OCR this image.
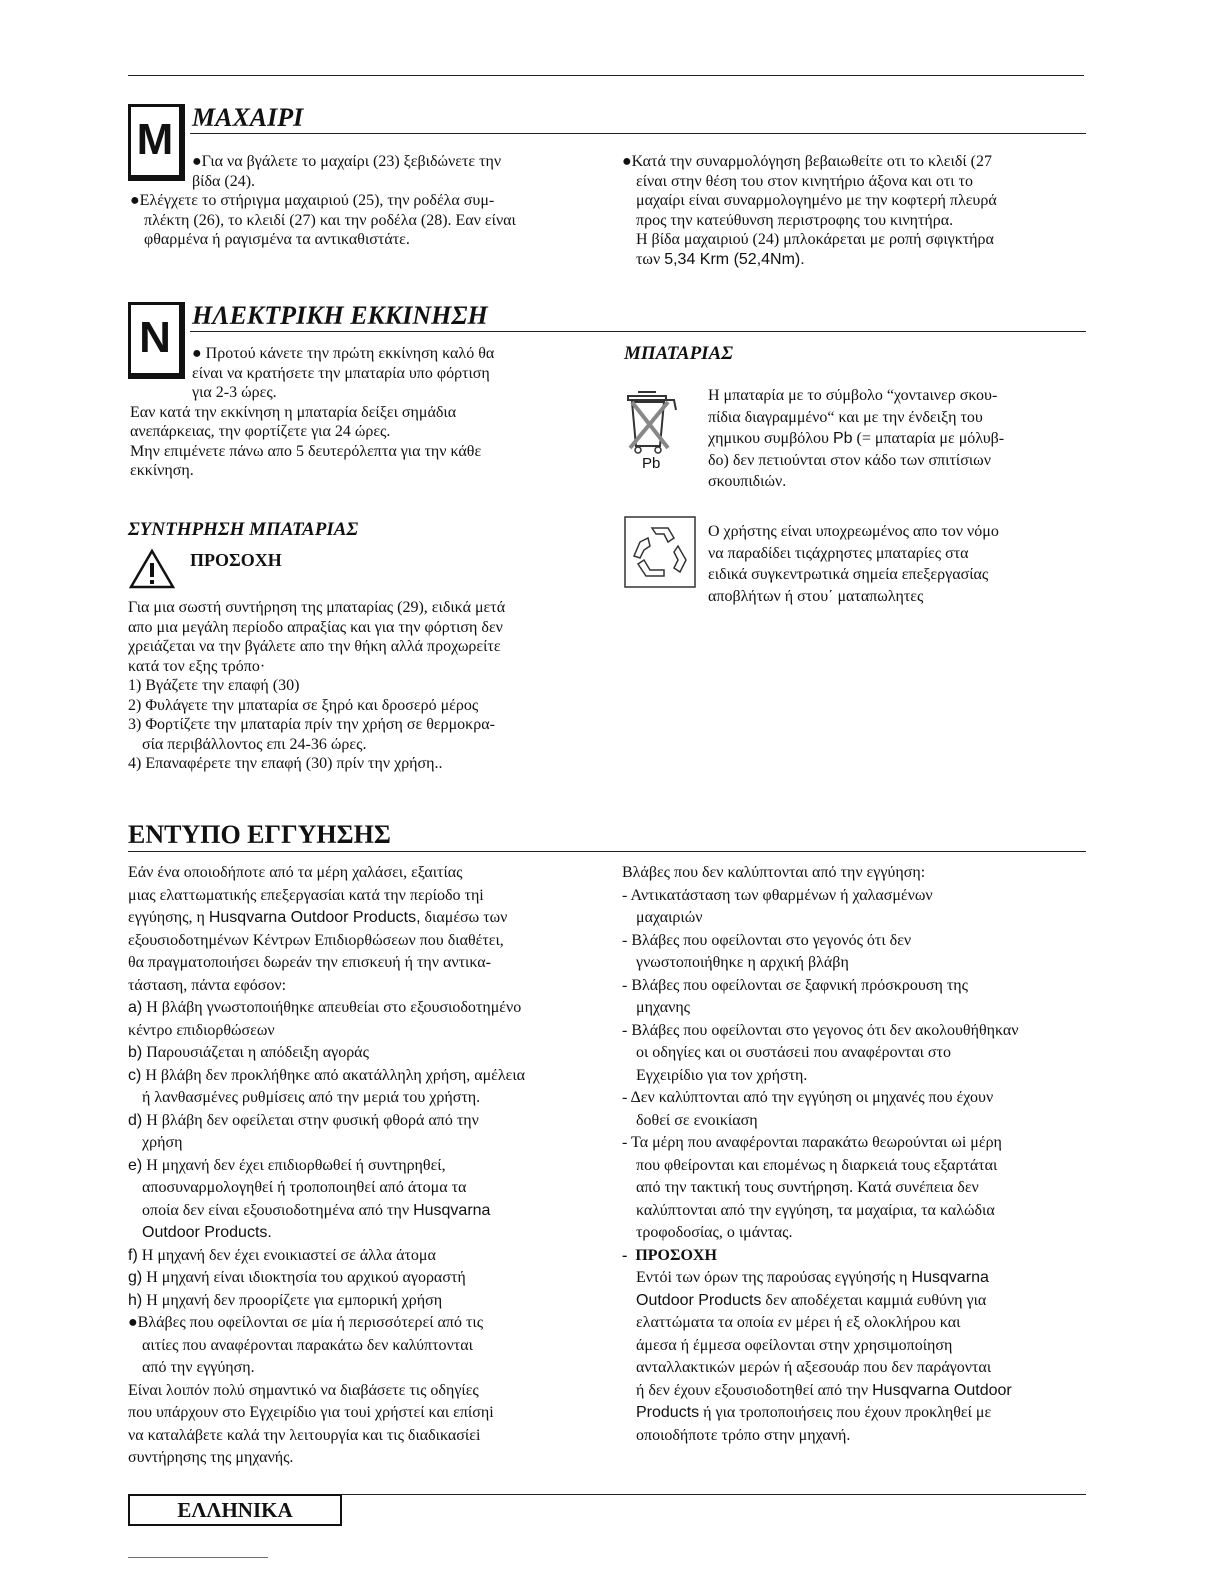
M ΜΑΧΑΙΡΙ
●Για να βγάλετε το μαχαίρι (23) ξεβιδώνετε την
βίδα (24).
●Ελέγχετε το στήριγμα μαχαιριού (25), την ροδέλα συμ-
πλέκτη (26), το κλειδί (27) και την ροδέλα (28). Εαν είναι
φθαρμένα ή ραγισμένα τα αντικαθιστάτε.
●Κατά την συναρμολόγηση βεβαιωθείτε οτι το κλειδί (27
είναι στην θέση του στον κινητήριο άξονα και οτι το
μαχαίρι είναι συναρμολογημένο με την κοφτερή πλευρά
προς την κατεύθυνση περιστροφης του κινητήρα.
Η βίδα μαχαιριού (24) μπλοκάρεται με ροπή σφιγκτήρα
των 5,34 Krm (52,4Nm).
N ΗΛΕΚΤΡΙΚΗ ΕΚΚΙΝΗΣΗ
● Προτού κάνετε την πρώτη εκκίνηση καλό θα
είναι να κρατήσετε την μπαταρία υπο φόρτιση
για 2-3 ώρες.
Εαν κατά την εκκίνηση η μπαταρία δείξει σημάδια
ανεπάρκειας, την φορτίζετε για 24 ώρες.
Μην επιμένετε πάνω απο 5 δευτερόλεπτα για την κάθε
εκκίνηση.
ΜΠΑΤΑΡΙΑΣ
Pb
Η μπαταρία με το σύμβολο “χοντaινερ σκου-
πίδια διαγραμμένο“ και με την ένδειξη του
χημικου συμβόλου Pb (= μπαταρία με μόλυβ-
δο) δεν πετιούνται στον κάδο των σπιτίσιων
σκουπιδιών.
Ο χρήστης είναι υποχρεωμένος απο τον νόμο
να παραδίδει τιςάχρηστες μπαταρίες στα
ειδικά συγκεντρωτικά σημεία επεξεργασίας
αποβλήτων ή στου΄ ματαπωλητες
ΣΥΝΤΗΡΗΣΗ ΜΠΑΤΑΡΙΑΣ
ΠΡΟΣΟΧΗ
Για μια σωστή συντήρηση της μπαταρίας (29), ειδικά μετά
απο μια μεγάλη περίοδο απραξίας και για την φόρτιση δεν
χρειάζεται να την βγάλετε απο την θήκη αλλά προχωρείτε
κατά τον εξης τρόπο·
1) Βγάζετε την επαφή (30)
2) Φυλάγετε την μπαταρία σε ξηρό και δροσερό μέρος
3) Φορτίζετε την μπαταρία πρίν την χρήση σε θερμοκρα-
σία περιβάλλοντος επι 24-36 ώρες.
4) Επαναφέρετε την επαφή (30) πρίν την χρήση..
ΕΝΤΥΠΟ ΕΓΓΥΗΣΗΣ
Εάν ένα οποιοδήποτε από τα μέρη χαλάσει, εξαιτίας
μιας ελαττωματικής επεξεργασίαι κατά την περίοδο τηi
εγγύησης, η Husqvarna Outdoor Products, διαμέσω των
εξουσιοδοτημένων Κέντρων Επιδιορθώσεων που διαθέτει,
θα πραγματοποιήσει δωρεάν την επισκευή ή την αντικα-
τάσταση, πάντα εφόσον:
a) Η βλάβη γνωστοποιήθηκε απευθείaι στο εξουσιοδοτημένο
κέντρο επιδιορθώσεων
b) Παρουσιάζεται η απόδειξη αγοράς
c) Η βλάβη δεν προκλήθηκε από ακατάλληλη χρήση, αμέλεια
ή λανθασμένες ρυθμίσεις από την μεριά του χρήστη.
d) Η βλάβη δεν οφείλεται στην φυσική φθορά από την
χρήση
e) Η μηχανή δεν έχει επιδιορθωθεί ή συντηρηθεί,
αποσυναρμολογηθεί ή τροποποιηθεί από άτομα τα
οποία δεν είναι εξουσιοδοτημένα από την Husqvarna
Outdoor Products.
f) Η μηχανή δεν έχει ενοικιαστεί σε άλλα άτομα
g) Η μηχανή είναι ιδιοκτησία του αρχικού αγοραστή
h) Η μηχανή δεν προορίζετε για εμπορική χρήση
●Βλάβες που οφείλονται σε μία ή περισσότερεί από τις
αιτίες που αναφέρονται παρακάτω δεν καλύπτονται
από την εγγύηση.
Είναι λοιπόν πολύ σημαντικό να διαβάσετε τις οδηγίες
που υπάρχουν στο Εγχειρίδιο για τουi χρήστεί και επίσηi
να καταλάβετε καλά την λειτουργία και τις διαδικασίεi
συντήρησης της μηχανής.
Βλάβες που δεν καλύπτονται από την εγγύηση:
- Αντικατάσταση των φθαρμένων ή χαλασμένων
μαχαιριών
- Βλάβες που οφείλονται στο γεγονός ότι δεν
γνωστοποιήθηκε η αρχική βλάβη
- Βλάβες που οφείλονται σε ξαφνική πρόσκρουση της
μηχανης
- Βλάβες που οφείλονται στο γεγονος ότι δεν ακολουθήθηκαν
οι οδηγίες και οι συστάσειi που αναφέρονται στο
Εγχειρίδιο για τον χρήστη.
- Δεν καλύπτονται από την εγγύηση οι μηχανές που έχουν
δοθεί σε ενοικίαση
- Τα μέρη που αναφέρονται παρακάτω θεωρούνται ωi μέρη
που φθείρονται και επομένως η διαρκειά τους εξαρτάται
από την τακτική τους συντήρηση. Κατά συνέπεια δεν
καλύπτονται από την εγγύηση, τα μαχαίρια, τα καλώδια
τροφοδοσίας, ο ιμάντας.
- ΠΡΟΣΟΧΗ
Εντόi των όρων της παρούσας εγγύησής η Husqvarna
Outdoor Products δεν αποδέχεται καμμιά ευθύνη για
ελαττώματα τα οποία εν μέρει ή εξ ολοκλήρου και
άμεσα ή έμμεσα οφείλονται στην χρησιμοποίηση
ανταλλακτικών μερών ή αξεσουάρ που δεν παράγονται
ή δεν έχουν εξουσιοδοτηθεί από την Husqvarna Outdoor
Products ή για τροποποιήσεις που έχουν προκληθεί με
οποιοδήποτε τρόπο στην μηχανή.
ΕΛΛΗΝΙΚΑ
